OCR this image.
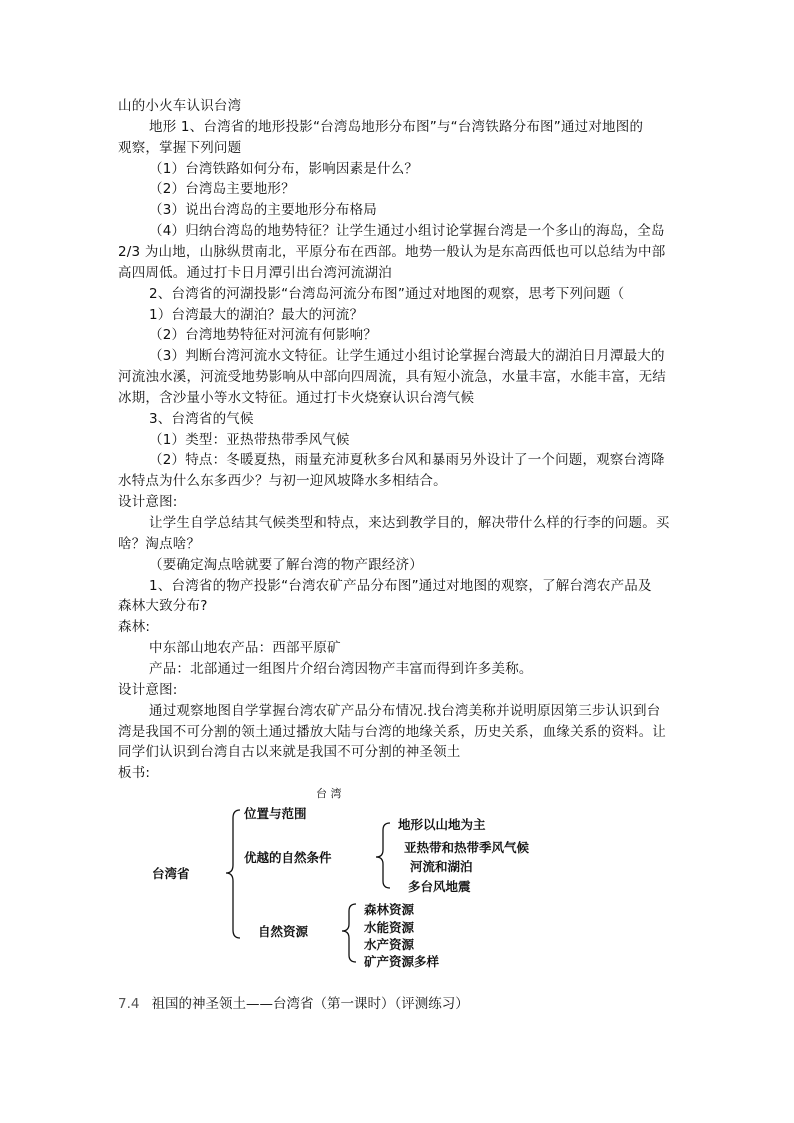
山的小火车认识台湾
地形 1、台湾省的地形投影“台湾岛地形分布图”与“台湾铁路分布图”通过对地图的
观察，掌握下列问题
（1）台湾铁路如何分布，影响因素是什么？
（2）台湾岛主要地形？
（3）说出台湾岛的主要地形分布格局
（4）归纳台湾岛的地势特征？让学生通过小组讨论掌握台湾是一个多山的海岛，全岛
2/3 为山地，山脉纵贯南北，平原分布在西部。地势一般认为是东高西低也可以总结为中部
高四周低。通过打卡日月潭引出台湾河流湖泊
2、台湾省的河湖投影“台湾岛河流分布图”通过对地图的观察，思考下列问题（
1）台湾最大的湖泊？最大的河流？
（2）台湾地势特征对河流有何影响？
（3）判断台湾河流水文特征。让学生通过小组讨论掌握台湾最大的湖泊日月潭最大的
河流浊水溪，河流受地势影响从中部向四周流，具有短小流急，水量丰富，水能丰富，无结
冰期，含沙量小等水文特征。通过打卡火烧寮认识台湾气候
3、台湾省的气候
（1）类型：亚热带热带季风气候
（2）特点：冬暖夏热，雨量充沛夏秋多台风和暴雨另外设计了一个问题，观察台湾降
水特点为什么东多西少？与初一迎风坡降水多相结合。
设计意图:
让学生自学总结其气候类型和特点，来达到教学目的，解决带什么样的行李的问题。买
啥？淘点啥？
（要确定淘点啥就要了解台湾的物产跟经济）
1、台湾省的物产投影“台湾农矿产品分布图”通过对地图的观察，了解台湾农产品及
森林大致分布?
森林:
中东部山地农产品：西部平原矿
产品：北部通过一组图片介绍台湾因物产丰富而得到许多美称。
设计意图:
通过观察地图自学掌握台湾农矿产品分布情况.找台湾美称并说明原因第三步认识到台
湾是我国不可分割的领土通过播放大陆与台湾的地缘关系，历史关系，血缘关系的资料。让
同学们认识到台湾自古以来就是我国不可分割的神圣领土
板书:
台 湾
台湾省
位置与范围
优越的自然条件
自然资源
地形以山地为主
亚热带和热带季风气候
河流和湖泊
多台风地震
森林资源
水能资源
水产资源
矿产资源多样
7.4 祖国的神圣领土——台湾省（第一课时）（评测练习）
